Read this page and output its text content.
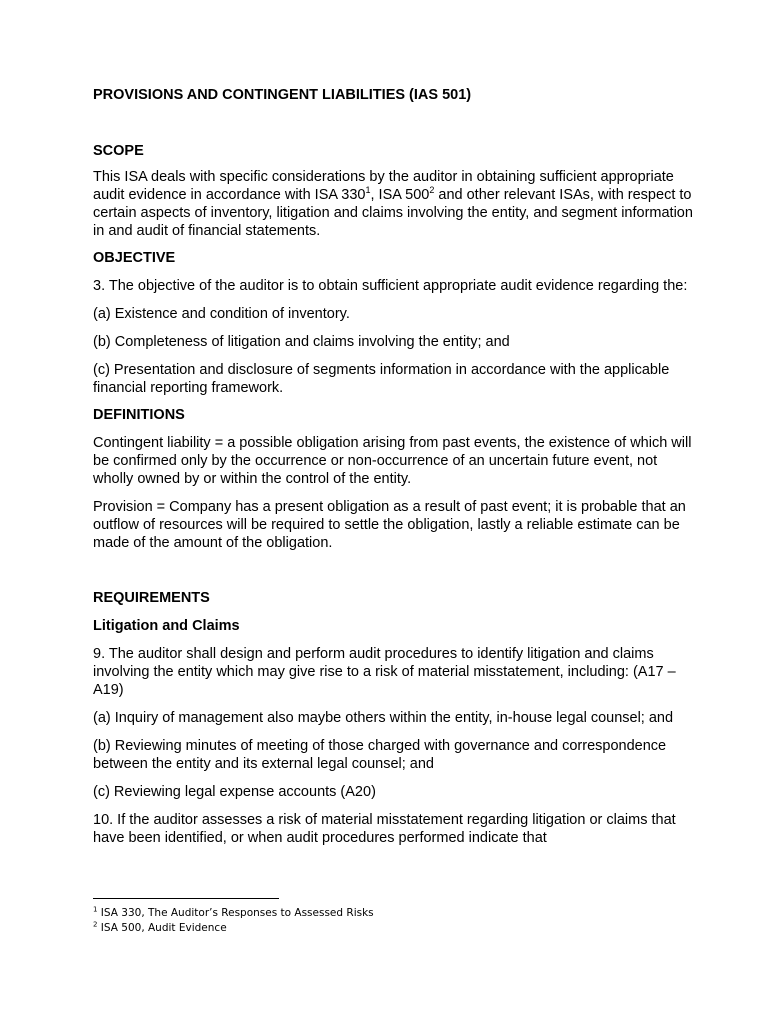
PROVISIONS AND CONTINGENT LIABILITIES (IAS 501)

SCOPE

This ISA deals with specific considerations by the auditor in obtaining sufficient appropriate audit evidence in accordance with ISA $330^1$, ISA $500^2$ and other relevant ISAs, with respect to certain aspects of inventory, litigation and claims involving the entity, and segment information in and audit of financial statements.

OBJECTIVE

3. The objective of the auditor is to obtain sufficient appropriate audit evidence regarding the:

(a) Existence and condition of inventory.

(b) Completeness of litigation and claims involving the entity; and

(c) Presentation and disclosure of segments information in accordance with the applicable financial reporting framework.

DEFINITIONS

Contingent liability = a possible obligation arising from past events, the existence of which will be confirmed only by the occurrence or non-occurrence of an uncertain future event, not wholly owned by or within the control of the entity.

Provision = Company has a present obligation as a result of past event; it is probable that an outflow of resources will be required to settle the obligation, lastly a reliable estimate can be made of the amount of the obligation.

REQUIREMENTS

Litigation and Claims

9. The auditor shall design and perform audit procedures to identify litigation and claims involving the entity which may give rise to a risk of material misstatement, including: (A17 – A19)

(a) Inquiry of management also maybe others within the entity, in-house legal counsel; and

(b) Reviewing minutes of meeting of those charged with governance and correspondence between the entity and its external legal counsel; and

(c) Reviewing legal expense accounts (A20)

10. If the auditor assesses a risk of material misstatement regarding litigation or claims that have been identified, or when audit procedures performed indicate that

$^1$ ISA 330, The Auditor’s Responses to Assessed Risks
$^2$ ISA 500, Audit Evidence
